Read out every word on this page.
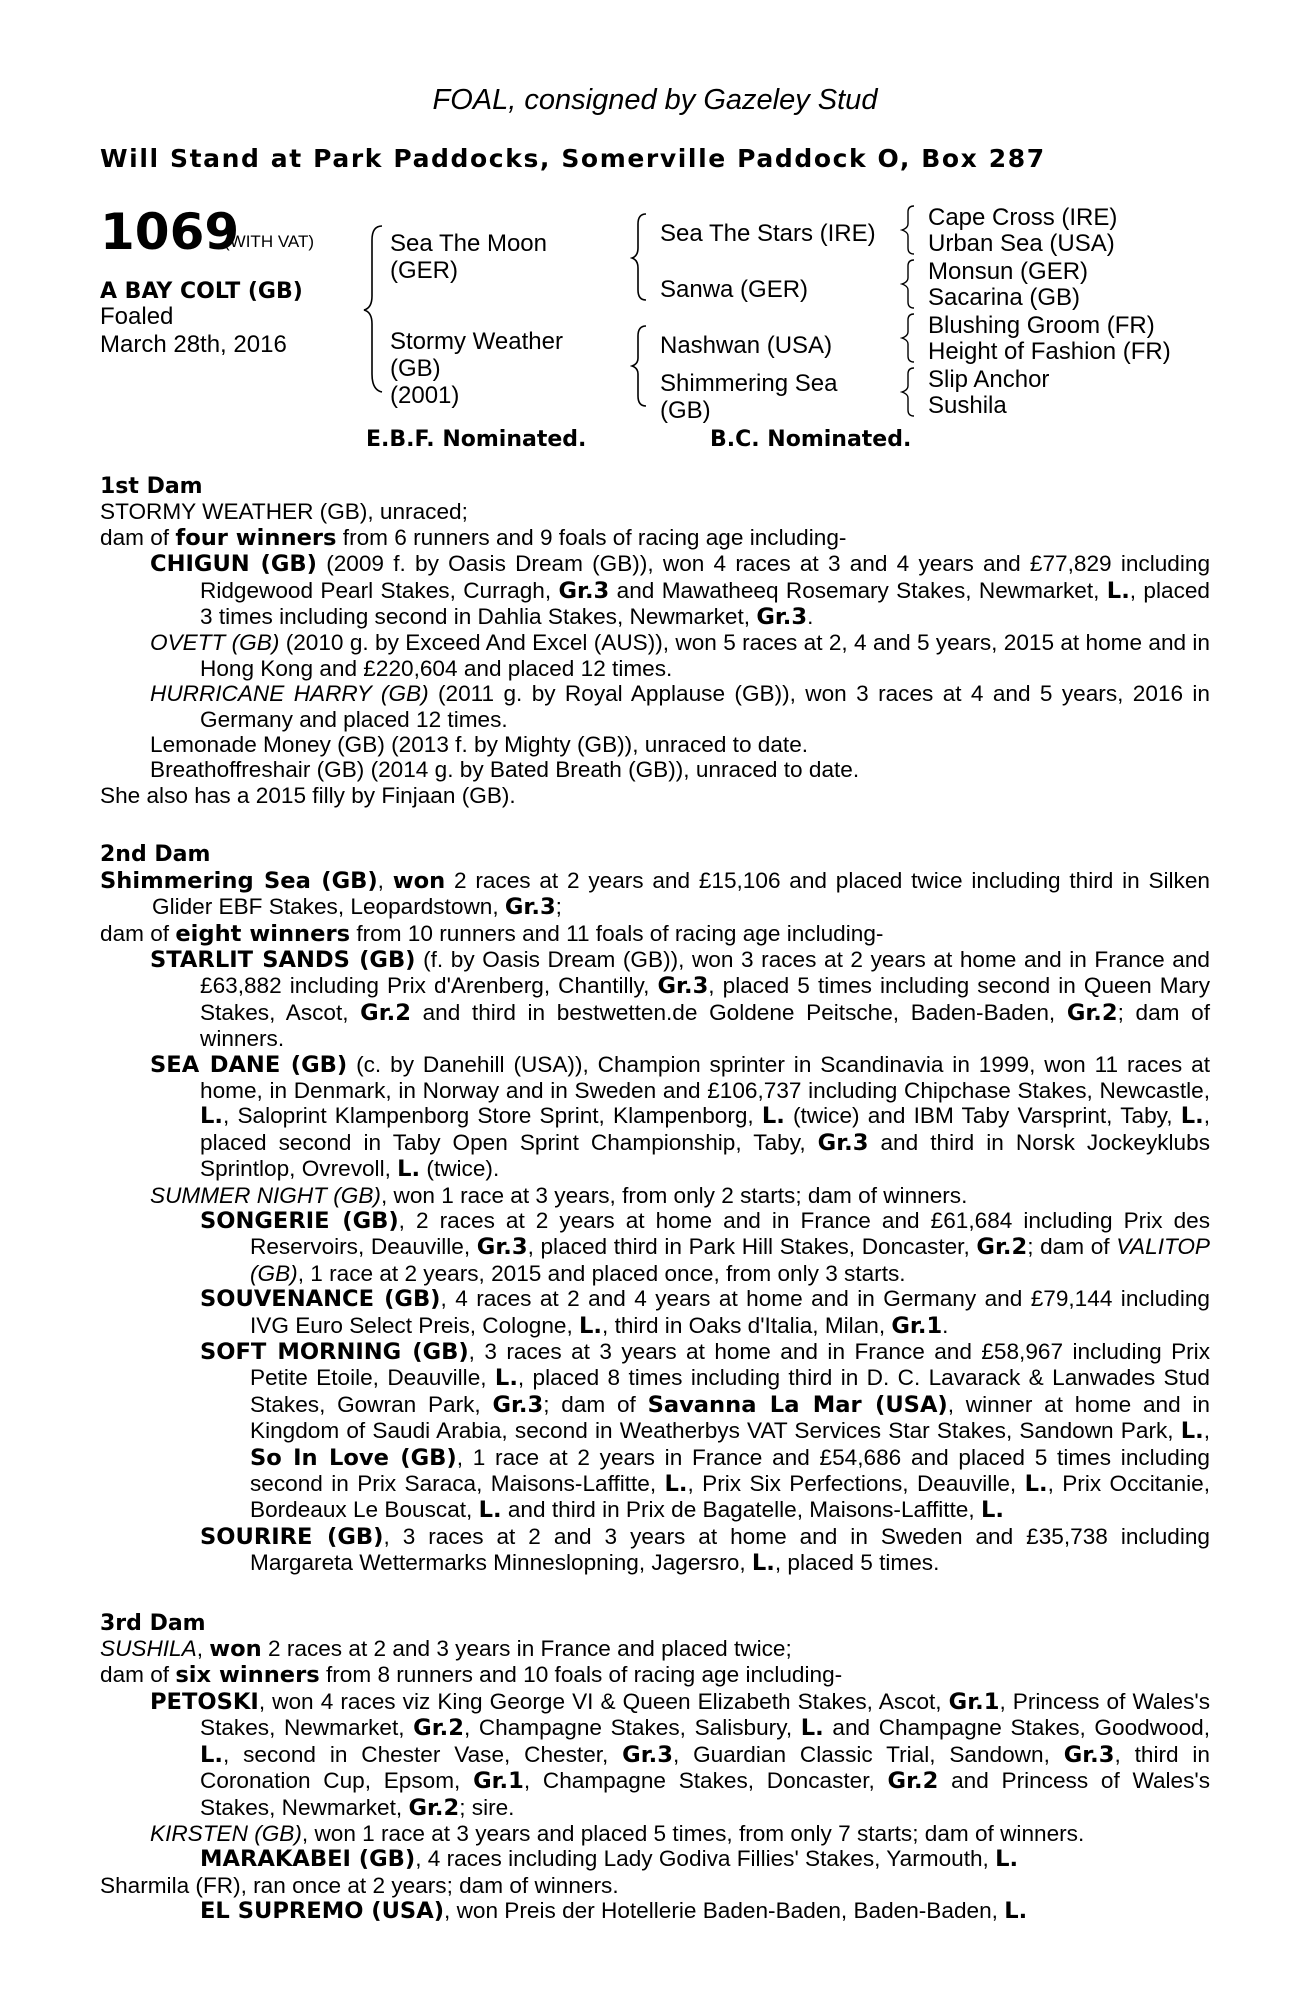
FOAL, consigned by Gazeley Stud
Will Stand at Park Paddocks, Somerville Paddock O, Box 287
1069
(WITH VAT)
A BAY COLT (GB)
Foaled
March 28th, 2016
Sea The Moon
(GER)
Stormy Weather
(GB)
(2001)
Sea The Stars (IRE)
Sanwa (GER)
Nashwan (USA)
Shimmering Sea
(GB)
Cape Cross (IRE)
Urban Sea (USA)
Monsun (GER)
Sacarina (GB)
Blushing Groom (FR)
Height of Fashion (FR)
Slip Anchor
Sushila
E.B.F. Nominated.	B.C. Nominated.

1st Dam

STORMY WEATHER (GB), unraced;

dam of four winners from 6 runners and 9 foals of racing age including-

CHIGUN (GB) (2009 f. by Oasis Dream (GB)), won 4 races at 3 and 4 years and £77,829 including Ridgewood Pearl Stakes, Curragh, Gr.3 and Mawatheeq Rosemary Stakes, Newmarket, L., placed 3 times including second in Dahlia Stakes, Newmarket, Gr.3.

OVETT (GB) (2010 g. by Exceed And Excel (AUS)), won 5 races at 2, 4 and 5 years, 2015 at home and in Hong Kong and £220,604 and placed 12 times.

HURRICANE HARRY (GB) (2011 g. by Royal Applause (GB)), won 3 races at 4 and 5 years, 2016 in Germany and placed 12 times.

Lemonade Money (GB) (2013 f. by Mighty (GB)), unraced to date.

Breathoffreshair (GB) (2014 g. by Bated Breath (GB)), unraced to date.

She also has a 2015 filly by Finjaan (GB).

2nd Dam

Shimmering Sea (GB), won 2 races at 2 years and £15,106 and placed twice including third in Silken Glider EBF Stakes, Leopardstown, Gr.3;

dam of eight winners from 10 runners and 11 foals of racing age including-

STARLIT SANDS (GB) (f. by Oasis Dream (GB)), won 3 races at 2 years at home and in France and £63,882 including Prix d'Arenberg, Chantilly, Gr.3, placed 5 times including second in Queen Mary Stakes, Ascot, Gr.2 and third in bestwetten.de Goldene Peitsche, Baden-Baden, Gr.2; dam of winners.

SEA DANE (GB) (c. by Danehill (USA)), Champion sprinter in Scandinavia in 1999, won 11 races at home, in Denmark, in Norway and in Sweden and £106,737 including Chipchase Stakes, Newcastle, L., Saloprint Klampenborg Store Sprint, Klampenborg, L. (twice) and IBM Taby Varsprint, Taby, L., placed second in Taby Open Sprint Championship, Taby, Gr.3 and third in Norsk Jockeyklubs Sprintlop, Ovrevoll, L. (twice).

SUMMER NIGHT (GB), won 1 race at 3 years, from only 2 starts; dam of winners.

SONGERIE (GB), 2 races at 2 years at home and in France and £61,684 including Prix des Reservoirs, Deauville, Gr.3, placed third in Park Hill Stakes, Doncaster, Gr.2; dam of VALITOP (GB), 1 race at 2 years, 2015 and placed once, from only 3 starts.

SOUVENANCE (GB), 4 races at 2 and 4 years at home and in Germany and £79,144 including IVG Euro Select Preis, Cologne, L., third in Oaks d'Italia, Milan, Gr.1.

SOFT MORNING (GB), 3 races at 3 years at home and in France and £58,967 including Prix Petite Etoile, Deauville, L., placed 8 times including third in D. C. Lavarack & Lanwades Stud Stakes, Gowran Park, Gr.3; dam of Savanna La Mar (USA), winner at home and in Kingdom of Saudi Arabia, second in Weatherbys VAT Services Star Stakes, Sandown Park, L., So In Love (GB), 1 race at 2 years in France and £54,686 and placed 5 times including second in Prix Saraca, Maisons-Laffitte, L., Prix Six Perfections, Deauville, L., Prix Occitanie, Bordeaux Le Bouscat, L. and third in Prix de Bagatelle, Maisons-Laffitte, L.

SOURIRE (GB), 3 races at 2 and 3 years at home and in Sweden and £35,738 including Margareta Wettermarks Minneslopning, Jagersro, L., placed 5 times.

3rd Dam

SUSHILA, won 2 races at 2 and 3 years in France and placed twice;

dam of six winners from 8 runners and 10 foals of racing age including-

PETOSKI, won 4 races viz King George VI & Queen Elizabeth Stakes, Ascot, Gr.1, Princess of Wales's Stakes, Newmarket, Gr.2, Champagne Stakes, Salisbury, L. and Champagne Stakes, Goodwood, L., second in Chester Vase, Chester, Gr.3, Guardian Classic Trial, Sandown, Gr.3, third in Coronation Cup, Epsom, Gr.1, Champagne Stakes, Doncaster, Gr.2 and Princess of Wales's Stakes, Newmarket, Gr.2; sire.

KIRSTEN (GB), won 1 race at 3 years and placed 5 times, from only 7 starts; dam of winners.

MARAKABEI (GB), 4 races including Lady Godiva Fillies' Stakes, Yarmouth, L.

Sharmila (FR), ran once at 2 years; dam of winners.

EL SUPREMO (USA), won Preis der Hotellerie Baden-Baden, Baden-Baden, L.
